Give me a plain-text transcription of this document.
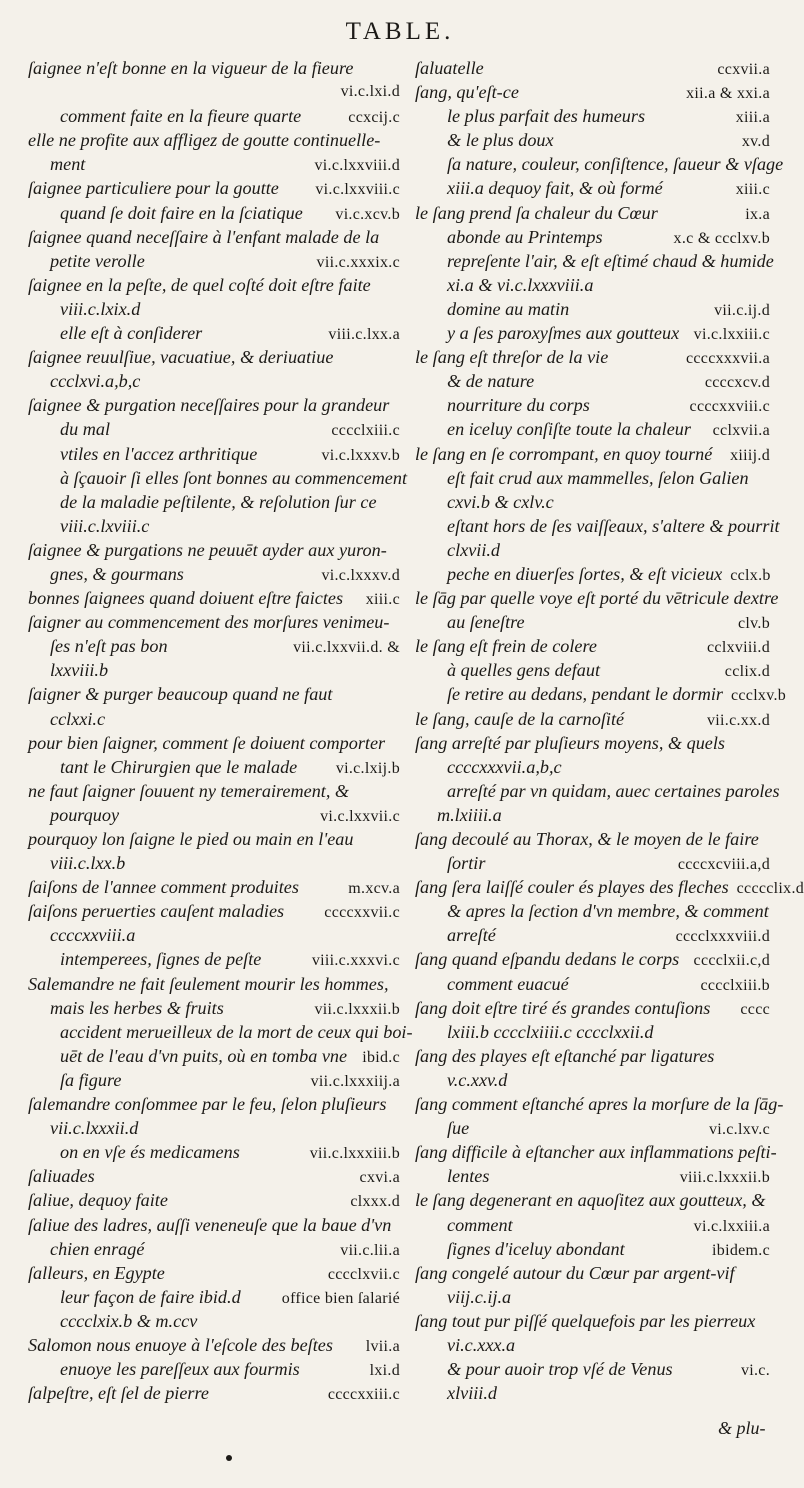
TABLE.
ſaignee n'eſt bonne en la vigueur de la fieure
vi.c.lxi.d
comment faite en la fieure quarte	ccxcij.c
elle ne profite aux affligez de goutte continuelle-
ment	vi.c.lxxviii.d
ſaignee particuliere pour la goutte	vi.c.lxxviii.c
quand ſe doit faire en la ſciatique	vi.c.xcv.b
ſaignee quand neceſſaire à l'enfant malade de la
petite verolle	vii.c.xxxix.c
ſaignee en la peſte, de quel coſté doit eſtre faite
viii.c.lxix.d
elle eſt à conſiderer	viii.c.lxx.a
ſaignee reuulſiue, vacuatiue, & deriuatiue
ccclxvi.a,b,c
ſaignee & purgation neceſſaires pour la grandeur
du mal	cccclxiii.c
vtiles en l'accez arthritique	vi.c.lxxxv.b
à ſçauoir ſi elles ſont bonnes au commencement
de la maladie peſtilente, & reſolution ſur ce
viii.c.lxviii.c
ſaignee & purgations ne peuuēt ayder aux yuron-
gnes, & gourmans	vi.c.lxxxv.d
bonnes ſaignees quand doiuent eſtre faictes	xiii.c
ſaigner au commencement des morſures venimeu-
ſes n'eſt pas bon	vii.c.lxxvii.d. &
lxxviii.b
ſaigner & purger beaucoup quand ne faut
cclxxi.c
pour bien ſaigner, comment ſe doiuent comporter
tant le Chirurgien que le malade	vi.c.lxij.b
ne faut ſaigner ſouuent ny temerairement, &
pourquoy	vi.c.lxxvii.c
pourquoy lon ſaigne le pied ou main en l'eau
viii.c.lxx.b
ſaiſons de l'annee comment produites	m.xcv.a
ſaiſons peruerties cauſent maladies	ccccxxvii.c
ccccxxviii.a
intemperees, ſignes de peſte	viii.c.xxxvi.c
Salemandre ne fait ſeulement mourir les hommes,
mais les herbes & fruits	vii.c.lxxxii.b
accident merueilleux de la mort de ceux qui boi-
uēt de l'eau d'vn puits, où en tomba vne ibid.c
ſa figure	vii.c.lxxxiij.a
ſalemandre conſommee par le feu, ſelon pluſieurs
vii.c.lxxxii.d
on en vſe és medicamens	vii.c.lxxxiii.b
ſaliuades	cxvi.a
ſaliue, dequoy faite	clxxx.d
ſaliue des ladres, auſſi veneneuſe que la baue d'vn
chien enragé	vii.c.lii.a
ſalleurs, en Egypte	cccclxvii.c
leur façon de faire ibid.d	office bien ſalarié
cccclxix.b & m.ccv
Salomon nous enuoye à l'eſcole des beſtes	lvii.a
enuoye les pareſſeux aux fourmis	lxi.d
ſalpeſtre, eſt ſel de pierre	ccccxxiii.c
ſaluatelle	ccxvii.a
ſang, qu'eſt-ce	xii.a & xxi.a
le plus parfait des humeurs	xiii.a
& le plus doux	xv.d
ſa nature, couleur, conſiſtence, ſaueur & vſage
xiii.a dequoy fait, & où formé	xiii.c
le ſang prend ſa chaleur du Cœur	ix.a
abonde au Printemps	x.c & ccclxv.b
repreſente l'air, & eſt eſtimé chaud & humide
xi.a & vi.c.lxxxviii.a
domine au matin	vii.c.ij.d
y a ſes paroxyſmes aux goutteux vi.c.lxxiii.c
le ſang eſt threſor de la vie	ccccxxxvii.a
& de nature	ccccxcv.d
nourriture du corps	ccccxxviii.c
en iceluy conſiſte toute la chaleur	cclxvii.a
le ſang en ſe corrompant, en quoy tourné	xiiij.d
eſt fait crud aux mammelles, ſelon Galien
cxvi.b & cxlv.c
eſtant hors de ſes vaiſſeaux, s'altere & pourrit
clxvii.d
peche en diuerſes ſortes, & eſt vicieux cclx.b
le ſāg par quelle voye eſt porté du vētricule dextre
au ſeneſtre	clv.b
le ſang eſt frein de colere	cclxviii.d
à quelles gens defaut	cclix.d
ſe retire au dedans, pendant le dormir ccclxv.b
le ſang, cauſe de la carnoſité	vii.c.xx.d
ſang arreſté par pluſieurs moyens, & quels
ccccxxxvii.a,b,c
arreſté par vn quidam, auec certaines paroles
m.lxiiii.a
ſang decoulé au Thorax, & le moyen de le faire
ſortir	ccccxcviii.a,d
ſang ſera laiſſé couler és playes des fleches ccccclix.d
& apres la ſection d'vn membre, & comment
arreſté	cccclxxxviii.d
ſang quand eſpandu dedans le corps cccclxii.c,d
comment euacué	cccclxiii.b
ſang doit eſtre tiré és grandes contuſions	cccc
lxiii.b cccclxiiii.c cccclxxii.d
ſang des playes eſt eſtanché par ligatures
v.c.xxv.d
ſang comment eſtanché apres la morſure de la ſāg-
ſue	vi.c.lxv.c
ſang difficile à eſtancher aux inflammations peſti-
lentes	viii.c.lxxxii.b
le ſang degenerant en aquoſitez aux goutteux, &
comment	vi.c.lxxiii.a
ſignes d'iceluy abondant	ibidem.c
ſang congelé autour du Cœur par argent-vif
viij.c.ij.a
ſang tout pur piſſé quelquefois par les pierreux
vi.c.xxx.a
& pour auoir trop vſé de Venus	vi.c.
xlviii.d
& plu-
